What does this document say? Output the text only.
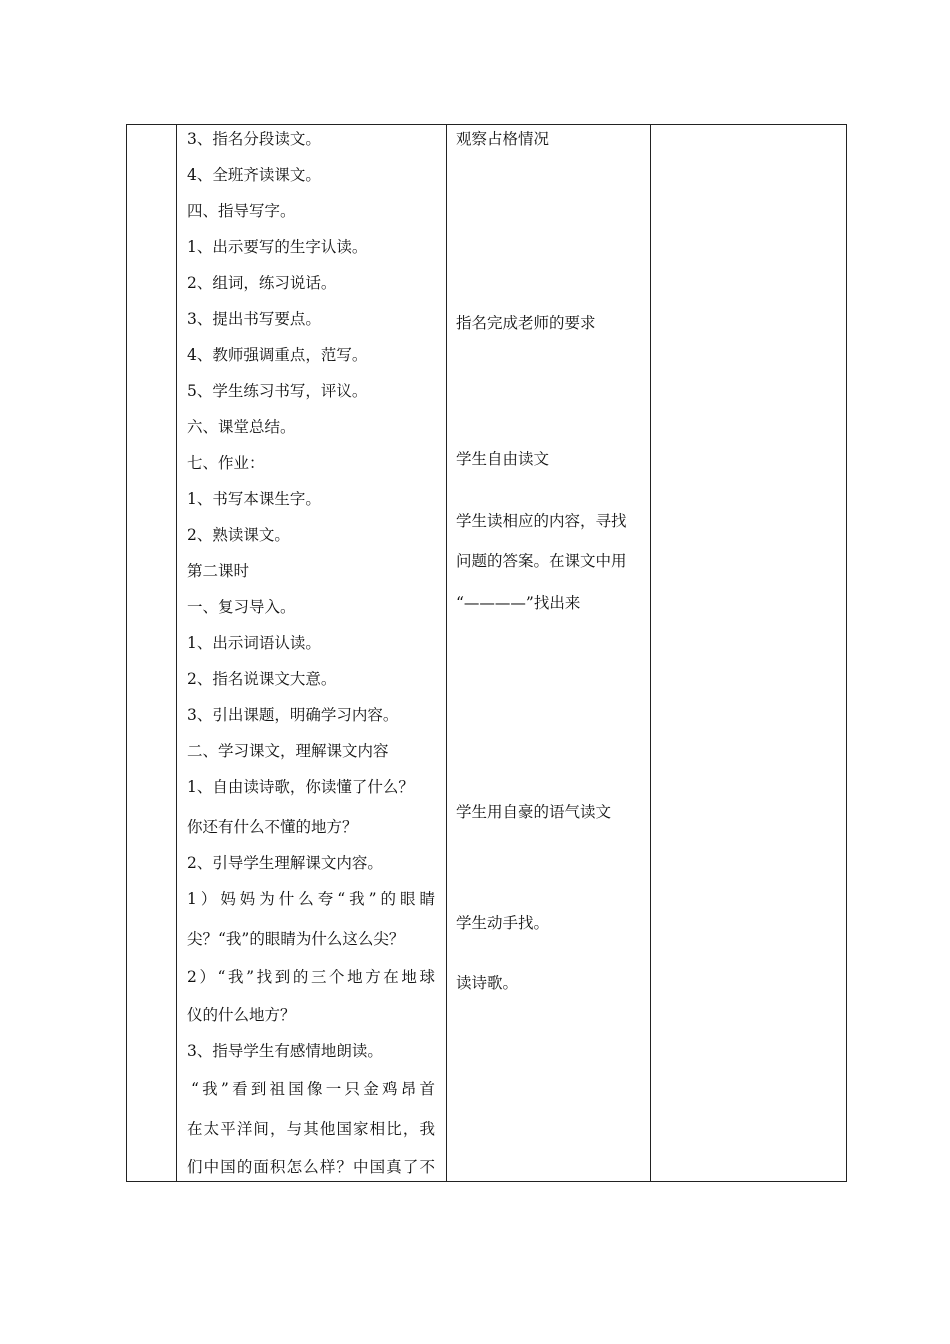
3、指名分段读文。
4、全班齐读课文。
四、指导写字。
1、出示要写的生字认读。
2、组词，练习说话。
3、提出书写要点。
4、教师强调重点，范写。
5、学生练习书写，评议。
六、课堂总结。
七、作业：
1、书写本课生字。
2、熟读课文。
第二课时
一、复习导入。
1、出示词语认读。
2、指名说课文大意。
3、引出课题，明确学习内容。
二、学习课文，理解课文内容
1、自由读诗歌，你读懂了什么？
你还有什么不懂的地方？
2、引导学生理解课文内容。
1）妈妈为什么夸“我”的眼睛
尖？“我”的眼睛为什么这么尖？
2）“我”找到的三个地方在地球
仪的什么地方？
3、指导学生有感情地朗读。
“我”看到祖国像一只金鸡昂首
在太平洋间，与其他国家相比，我
们中国的面积怎么样？中国真了不
观察占格情况
指名完成老师的要求
学生自由读文
学生读相应的内容，寻找
问题的答案。在课文中用
“————”找出来
学生用自豪的语气读文
学生动手找。
读诗歌。
